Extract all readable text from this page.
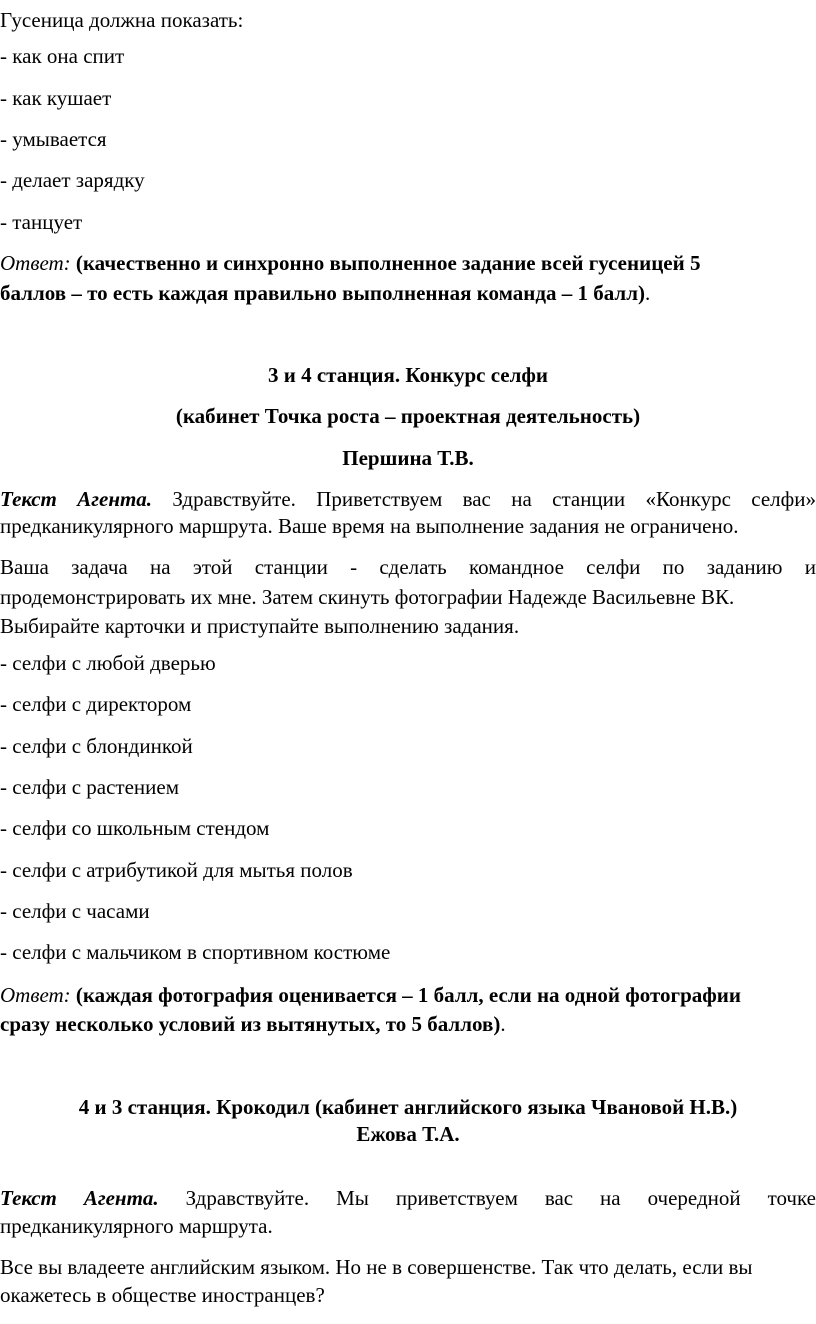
Гусеница должна показать:

- как она спит

- как кушает

- умывается

- делает зарядку

- танцует

Ответ: (качественно и синхронно выполненное задание всей гусеницей 5

баллов – то есть каждая правильно выполненная команда – 1 балл).

3 и 4 станция. Конкурс селфи

(кабинет Точка роста – проектная деятельность)

Першина Т.В.

Текст Агента. Здравствуйте. Приветствуем вас на станции «Конкурс селфи»

предканикулярного маршрута. Ваше время на выполнение задания не ограничено.

Ваша задача на этой станции - сделать командное селфи по заданию и

продемонстрировать их мне. Затем скинуть фотографии Надежде Васильевне ВК.

Выбирайте карточки и приступайте выполнению задания.

- селфи с любой дверью

- селфи с директором

- селфи с блондинкой

- селфи с растением

- селфи со школьным стендом

- селфи с атрибутикой для мытья полов

- селфи с часами

- селфи с мальчиком в спортивном костюме

Ответ: (каждая фотография оценивается – 1 балл, если на одной фотографии

сразу несколько условий из вытянутых, то 5 баллов).

4 и 3 станция. Крокодил (кабинет английского языка Чвановой Н.В.)

Ежова Т.А.

Текст Агента. Здравствуйте. Мы приветствуем вас на очередной точке

предканикулярного маршрута.

Все вы владеете английским языком. Но не в совершенстве. Так что делать, если вы

окажетесь в обществе иностранцев?
